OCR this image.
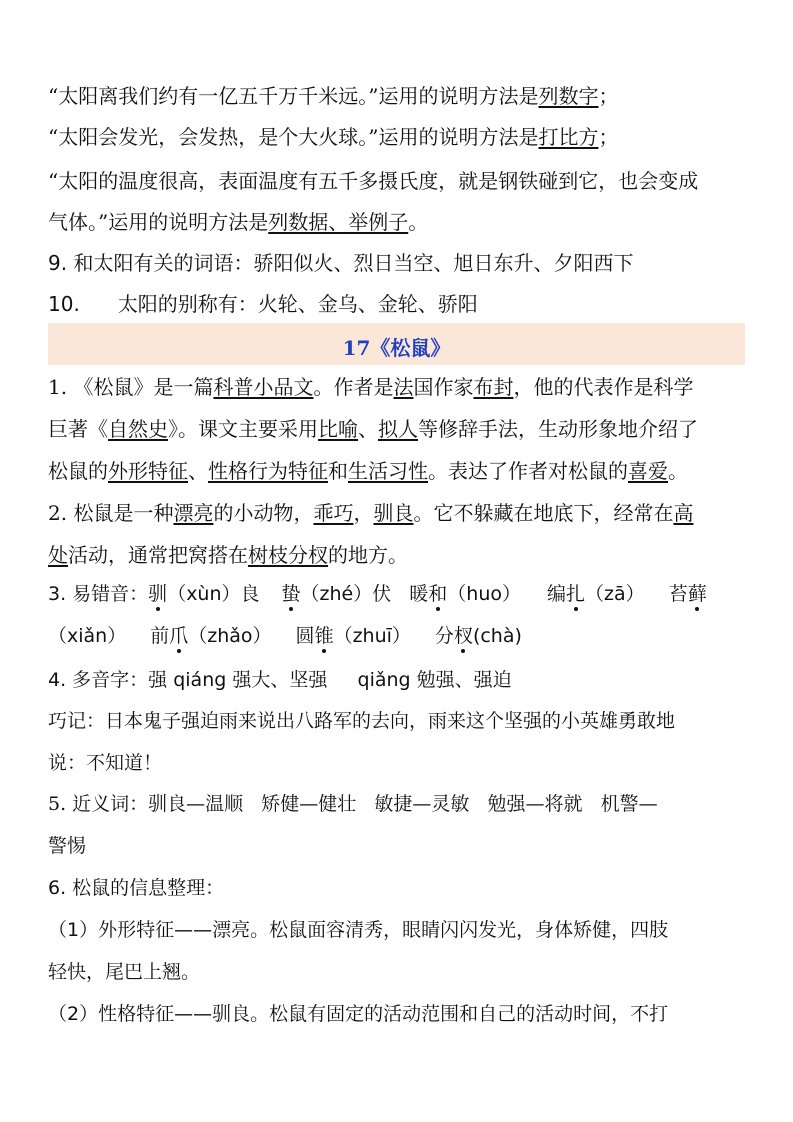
“太阳离我们约有一亿五千万千米远。”运用的说明方法是列数字；
“太阳会发光，会发热，是个大火球。”运用的说明方法是打比方；
“太阳的温度很高，表面温度有五千多摄氏度，就是钢铁碰到它，也会变成
气体。”运用的说明方法是列数据、举例子。
9. 和太阳有关的词语：骄阳似火、烈日当空、旭日东升、夕阳西下
10. 太阳的别称有：火轮、金乌、金轮、骄阳
17《松鼠》
1. 《松鼠》是一篇科普小品文。作者是法国作家布封，他的代表作是科学
巨著《自然史》。课文主要采用比喻、拟人等修辞手法，生动形象地介绍了
松鼠的外形特征、性格行为特征和生活习性。表达了作者对松鼠的喜爱。
2. 松鼠是一种漂亮的小动物，乖巧，驯良。它不躲藏在地底下，经常在高
处活动，通常把窝搭在树枝分杈的地方。
3. 易错音：驯（xùn）良 蛰（zhé）伏 暖和（huo） 编扎（zā） 苔藓
（xiǎn） 前爪（zhǎo） 圆锥（zhuī） 分杈(chà)
4. 多音字：强 qiáng 强大、坚强     qiǎng 勉强、强迫
巧记：日本鬼子强迫雨来说出八路军的去向，雨来这个坚强的小英雄勇敢地
说：不知道！
5. 近义词：驯良—温顺   矫健—健壮   敏捷—灵敏   勉强—将就   机警—
警惕
6. 松鼠的信息整理：
（1）外形特征——漂亮。松鼠面容清秀，眼睛闪闪发光，身体矫健，四肢
轻快，尾巴上翘。
（2）性格特征——驯良。松鼠有固定的活动范围和自己的活动时间，不打
